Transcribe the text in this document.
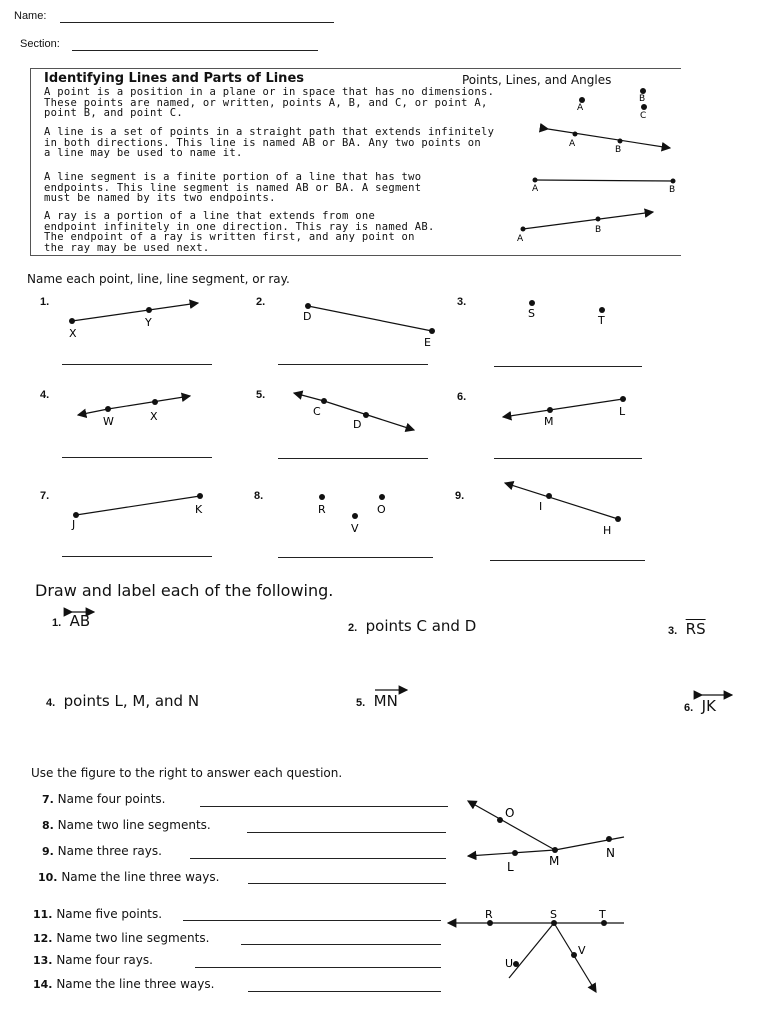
Name:
Section:
Identifying Lines and Parts of Lines	Points, Lines, and Angles
A point is a position in a plane or in space that has no dimensions.
These points are named, or written, points A, B, and C, or point A,
point B, and point C.
A line is a set of points in a straight path that extends infinitely
in both directions. This line is named AB or BA. Any two points on
a line may be used to name it.
A line segment is a finite portion of a line that has two
endpoints. This line segment is named AB or BA. A segment
must be named by its two endpoints.
A ray is a portion of a line that extends from one
endpoint infinitely in one direction. This ray is named AB.
The endpoint of a ray is written first, and any point on
the ray may be used next.
A
B
C
A
B
A	B
A
B
Name each point, line, line segment, or ray.
1.
X
Y
2.
D
E
3.
S
T
4.
W	X
5.
C
D
6.
M
L
7.
J
K
8.
R	O
V
9.
I
H
Draw and label each of the following.
1. AB	2. points C and D	3. $\overline{RS}$
4. points L, M, and N	5. MN	6. JK
Use the figure to the right to answer each question.
7. Name four points.
8. Name two line segments.
9. Name three rays.
10. Name the line three ways.
11. Name five points.
12. Name two line segments.
13. Name four rays.
14. Name the line three ways.
O
L	M
N
R	S	T
U
V
